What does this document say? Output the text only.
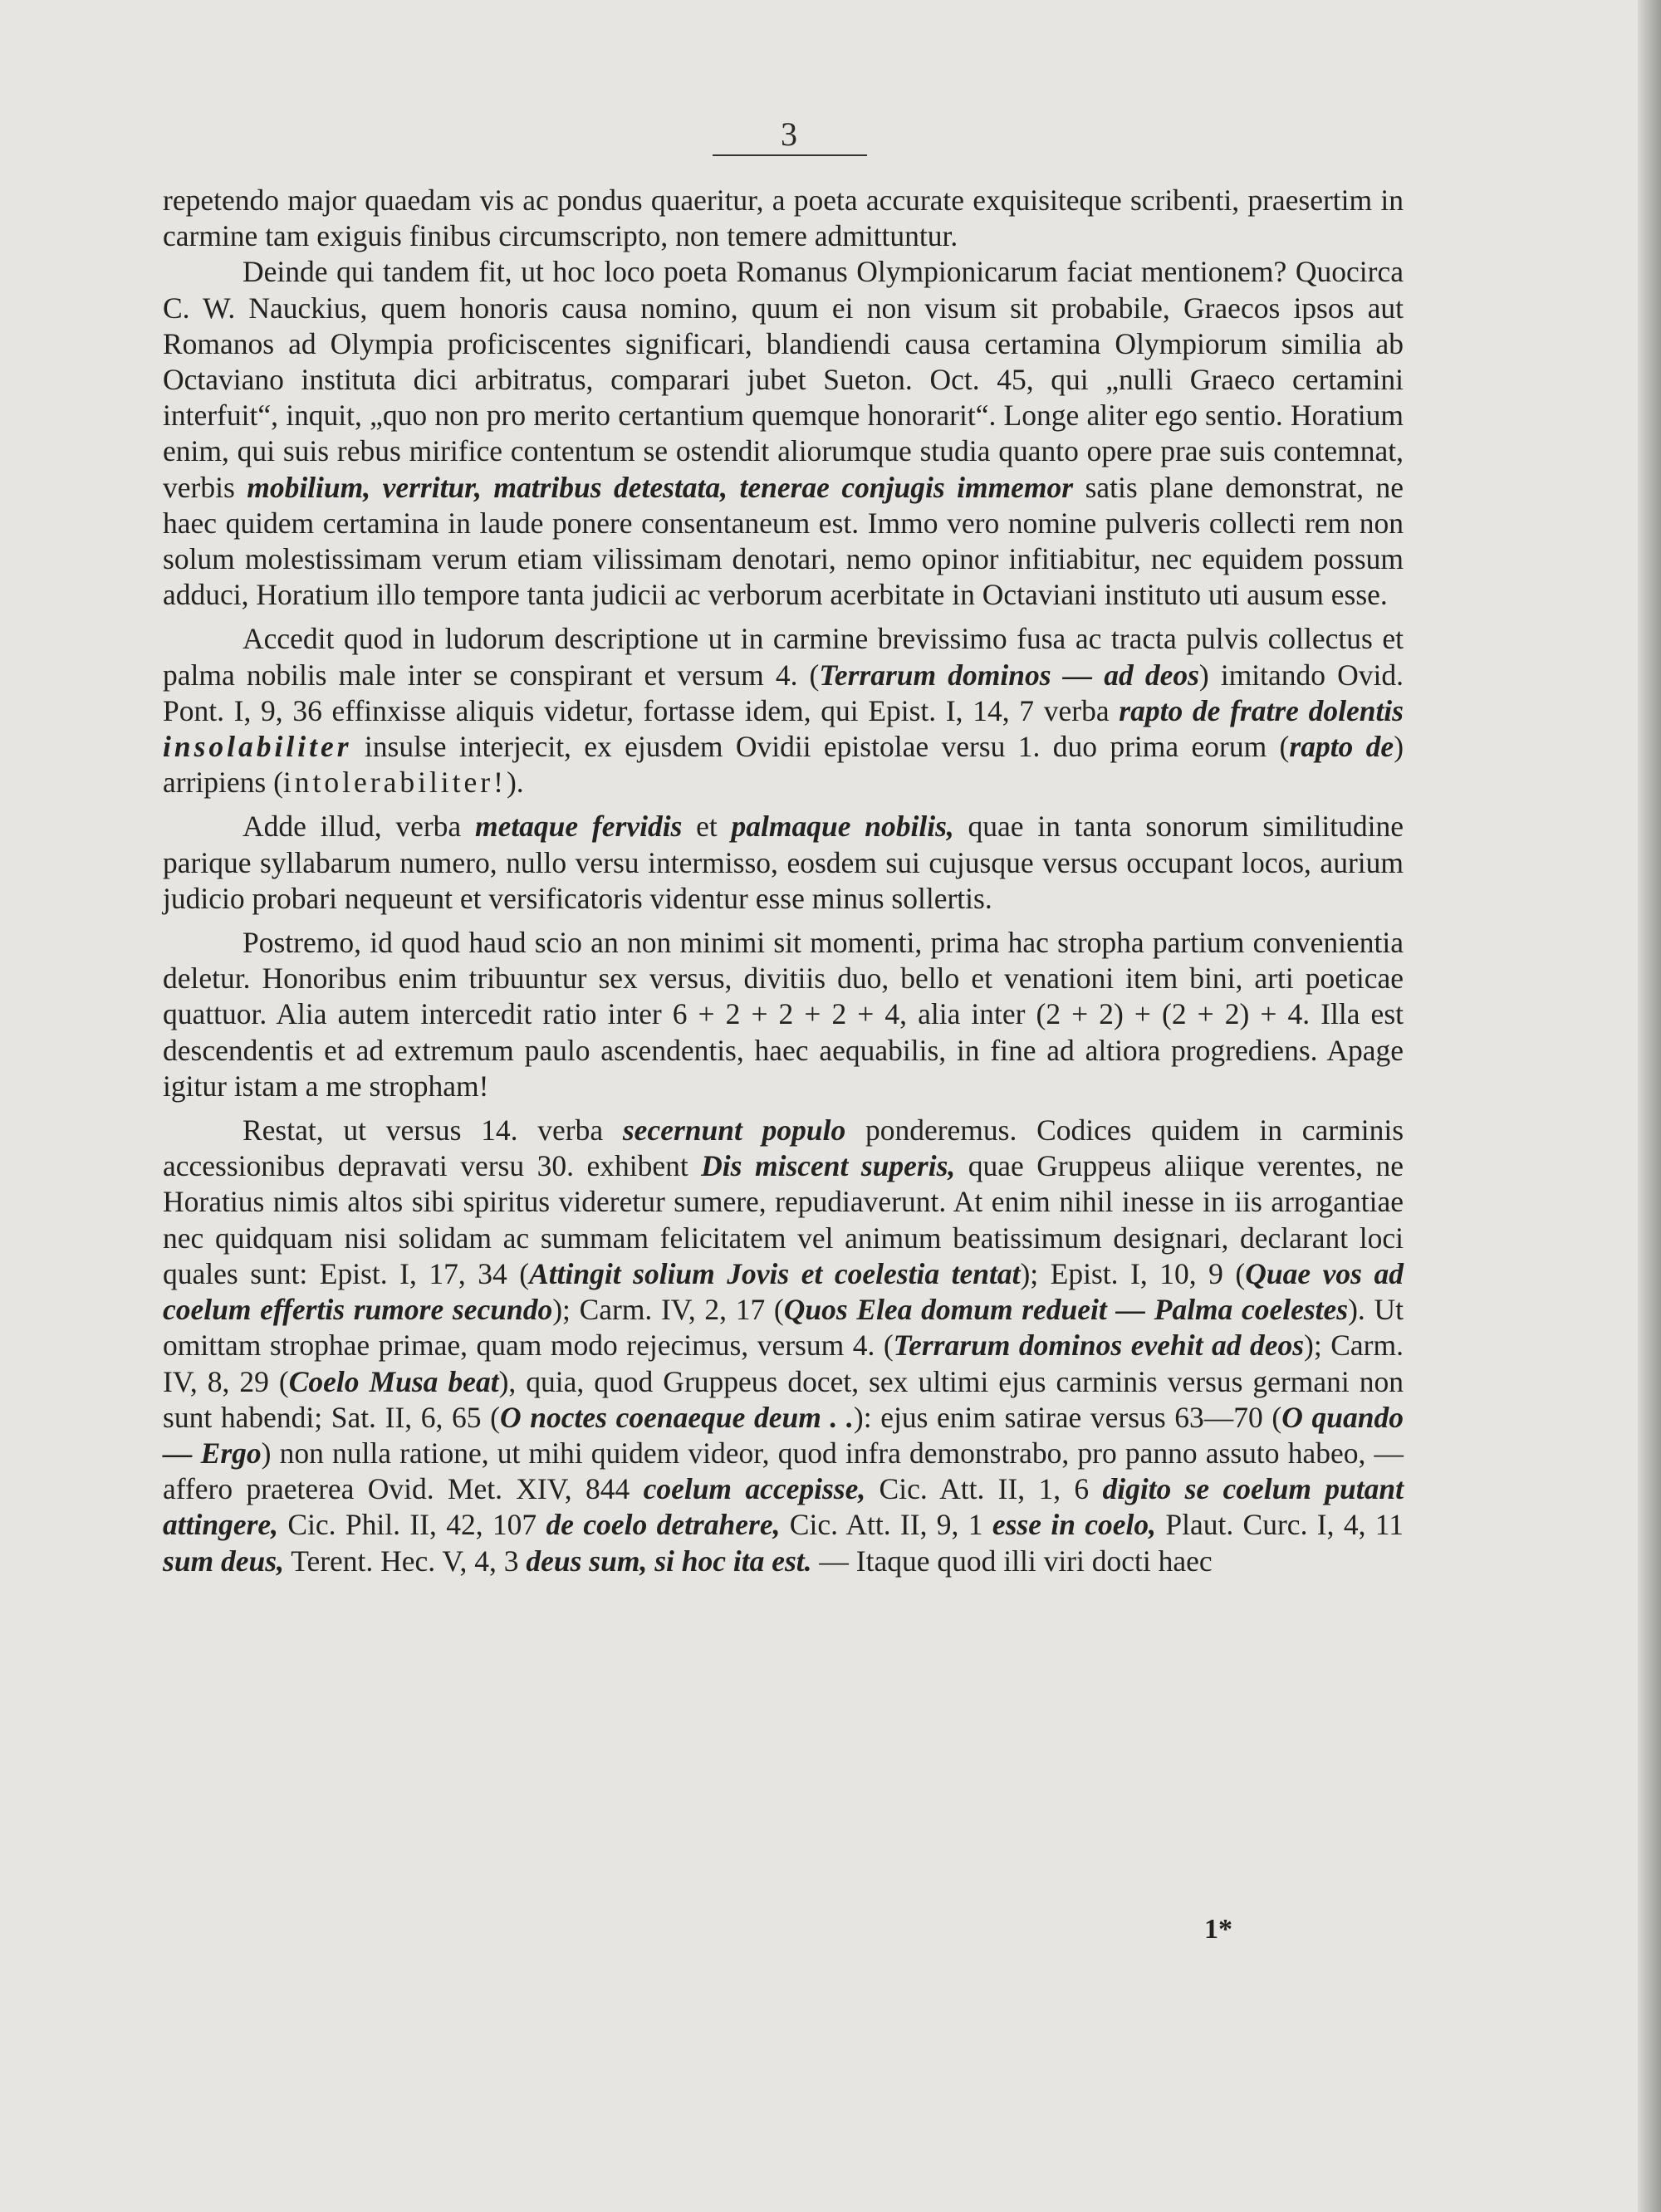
3

repetendo major quaedam vis ac pondus quaeritur, a poeta accurate exquisiteque scribenti, praesertim in carmine tam exiguis finibus circumscripto, non temere admittuntur.

Deinde qui tandem fit, ut hoc loco poeta Romanus Olympionicarum faciat mentionem? Quocirca C. W. Nauckius, quem honoris causa nomino, quum ei non visum sit probabile, Graecos ipsos aut Romanos ad Olympia proficiscentes significari, blandiendi causa certamina Olympiorum similia ab Octaviano instituta dici arbitratus, comparari jubet Sueton. Oct. 45, qui „nulli Graeco certamini interfuit“, inquit, „quo non pro merito certantium quemque honorarit“. Longe aliter ego sentio. Horatium enim, qui suis rebus mirifice contentum se ostendit aliorumque studia quanto opere prae suis contemnat, verbis mobilium, verritur, matribus detestata, tenerae conjugis immemor satis plane demonstrat, ne haec quidem certamina in laude ponere consentaneum est. Immo vero nomine pulveris collecti rem non solum molestissimam verum etiam vilissimam denotari, nemo opinor infitiabitur, nec equidem possum adduci, Horatium illo tempore tanta judicii ac verborum acerbitate in Octaviani instituto uti ausum esse.

Accedit quod in ludorum descriptione ut in carmine brevissimo fusa ac tracta pulvis collectus et palma nobilis male inter se conspirant et versum 4. (Terrarum dominos — ad deos) imitando Ovid. Pont. I, 9, 36 effinxisse aliquis videtur, fortasse idem, qui Epist. I, 14, 7 verba rapto de fratre dolentis insolabiliter insulse interjecit, ex ejusdem Ovidii epistolae versu 1. duo prima eorum (rapto de) arripiens (intolerabiliter!).

Adde illud, verba metaque fervidis et palmaque nobilis, quae in tanta sonorum similitudine parique syllabarum numero, nullo versu intermisso, eosdem sui cujusque versus occupant locos, aurium judicio probari nequeunt et versificatoris videntur esse minus sollertis.

Postremo, id quod haud scio an non minimi sit momenti, prima hac stropha partium convenientia deletur. Honoribus enim tribuuntur sex versus, divitiis duo, bello et venationi item bini, arti poeticae quattuor. Alia autem intercedit ratio inter 6 + 2 + 2 + 2 + 4, alia inter (2 + 2) + (2 + 2) + 4. Illa est descendentis et ad extremum paulo ascendentis, haec aequabilis, in fine ad altiora progrediens. Apage igitur istam a me stropham!

Restat, ut versus 14. verba secernunt populo ponderemus. Codices quidem in carminis accessionibus depravati versu 30. exhibent Dis miscent superis, quae Gruppeus aliique verentes, ne Horatius nimis altos sibi spiritus videretur sumere, repudiaverunt. At enim nihil inesse in iis arrogantiae nec quidquam nisi solidam ac summam felicitatem vel animum beatissimum designari, declarant loci quales sunt: Epist. I, 17, 34 (Attingit solium Jovis et coelestia tentat); Epist. I, 10, 9 (Quae vos ad coelum effertis rumore secundo); Carm. IV, 2, 17 (Quos Elea domum redueit — Palma coelestes). Ut omittam strophae primae, quam modo rejecimus, versum 4. (Terrarum dominos evehit ad deos); Carm. IV, 8, 29 (Coelo Musa beat), quia, quod Gruppeus docet, sex ultimi ejus carminis versus germani non sunt habendi; Sat. II, 6, 65 (O noctes coenaeque deum . .): ejus enim satirae versus 63—70 (O quando — Ergo) non nulla ratione, ut mihi quidem videor, quod infra demonstrabo, pro panno assuto habeo, — affero praeterea Ovid. Met. XIV, 844 coelum accepisse, Cic. Att. II, 1, 6 digito se coelum putant attingere, Cic. Phil. II, 42, 107 de coelo detrahere, Cic. Att. II, 9, 1 esse in coelo, Plaut. Curc. I, 4, 11 sum deus, Terent. Hec. V, 4, 3 deus sum, si hoc ita est. — Itaque quod illi viri docti haec

1*
